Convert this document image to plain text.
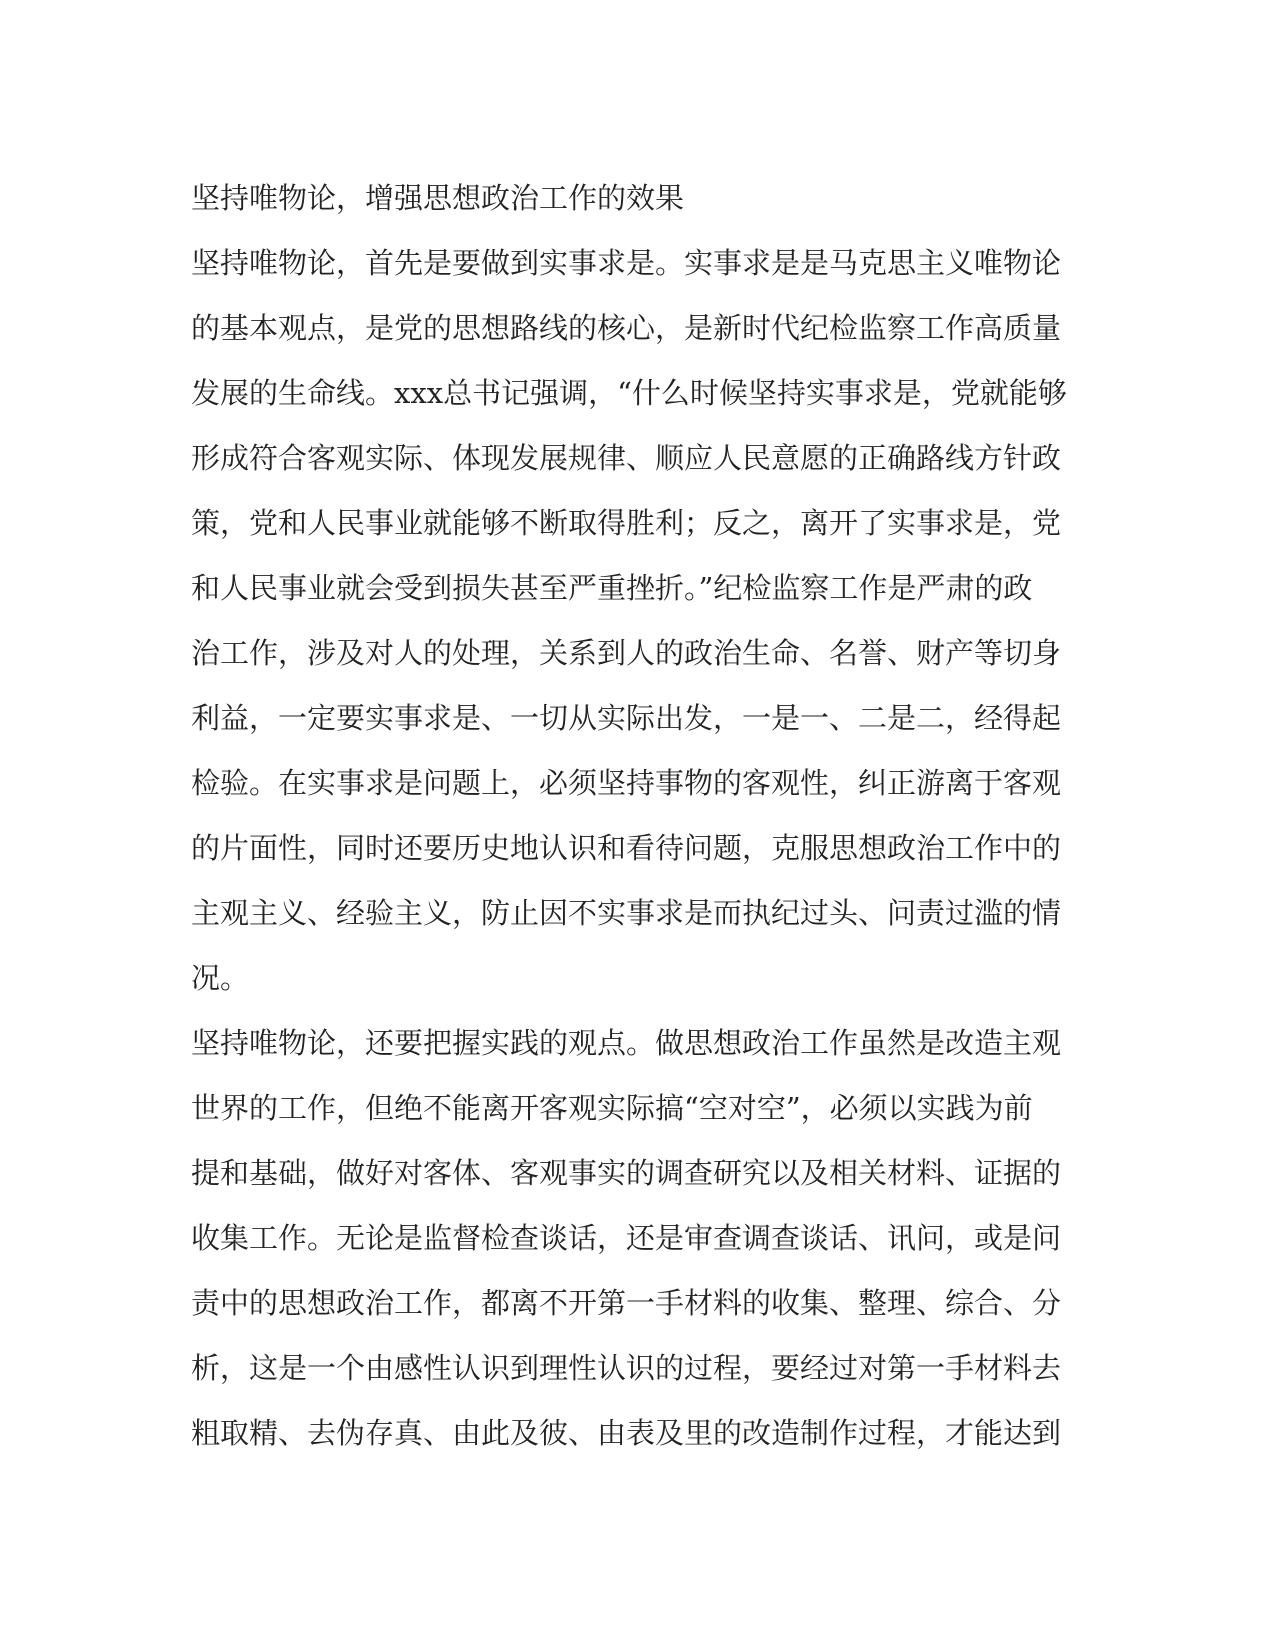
坚持唯物论，增强思想政治工作的效果
坚持唯物论，首先是要做到实事求是。实事求是是马克思主义唯物论
的基本观点，是党的思想路线的核心，是新时代纪检监察工作高质量
发展的生命线。xxx总书记强调，“什么时候坚持实事求是，党就能够
形成符合客观实际、体现发展规律、顺应人民意愿的正确路线方针政
策，党和人民事业就能够不断取得胜利；反之，离开了实事求是，党
和人民事业就会受到损失甚至严重挫折。”纪检监察工作是严肃的政
治工作，涉及对人的处理，关系到人的政治生命、名誉、财产等切身
利益，一定要实事求是、一切从实际出发，一是一、二是二，经得起
检验。在实事求是问题上，必须坚持事物的客观性，纠正游离于客观
的片面性，同时还要历史地认识和看待问题，克服思想政治工作中的
主观主义、经验主义，防止因不实事求是而执纪过头、问责过滥的情
况。
坚持唯物论，还要把握实践的观点。做思想政治工作虽然是改造主观
世界的工作，但绝不能离开客观实际搞“空对空”，必须以实践为前
提和基础，做好对客体、客观事实的调查研究以及相关材料、证据的
收集工作。无论是监督检查谈话，还是审查调查谈话、讯问，或是问
责中的思想政治工作，都离不开第一手材料的收集、整理、综合、分
析，这是一个由感性认识到理性认识的过程，要经过对第一手材料去
粗取精、去伪存真、由此及彼、由表及里的改造制作过程，才能达到
